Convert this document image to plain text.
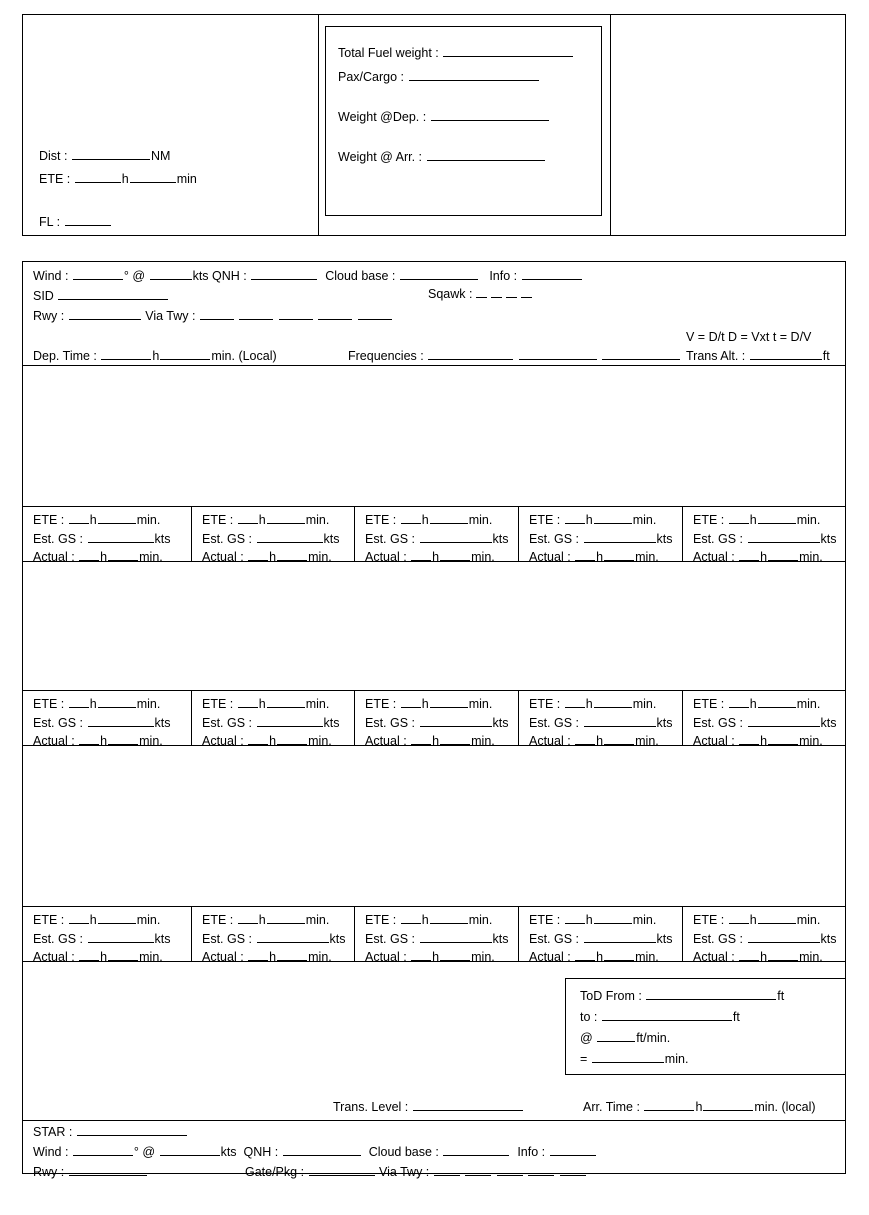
Dist :	NM
ETE :	h	min
FL :
Total Fuel weight :
Pax/Cargo :
Weight @Dep. :
Weight @ Arr. :
Wind :	° @	kts QNH :	Cloud base :	Info :
SID	Sqawk :
Rwy :	Via Twy :
V = D/t D = Vxt t = D/V
Dep. Time :	h	min. (Local)	Frequencies :	Trans Alt. :	ft
ETE : h	min.
Est. GS :	kts
Actual : h	min.
ETE : h	min.
Est. GS :	kts
Actual : h	min.
ETE : h	min.
Est. GS :	kts
Actual : h	min.
ETE : h	min.
Est. GS :	kts
Actual : h	min.
ETE : h	min.
Est. GS :	kts
Actual : h	min.
ETE : h	min.
Est. GS :	kts
Actual : h	min.
ETE : h	min.
Est. GS :	kts
Actual : h	min.
ETE : h	min.
Est. GS :	kts
Actual : h	min.
ETE : h	min.
Est. GS :	kts
Actual : h	min.
ETE : h	min.
Est. GS :	kts
Actual : h	min.
ETE : h	min.
Est. GS :	kts
Actual : h	min.
ETE : h	min.
Est. GS :	kts
Actual : h	min.
ETE : h	min.
Est. GS :	kts
Actual : h	min.
ETE : h	min.
Est. GS :	kts
Actual : h	min.
ETE : h	min.
Est. GS :	kts
Actual : h	min.
ToD From :	ft
to :	ft
@	ft/min.
=	min.
Trans. Level :	Arr. Time :	h	min. (local)
STAR :
Wind :	° @	kts QNH :	Cloud base :	Info :
Rwy :	Gate/Pkg :	Via Twy :
